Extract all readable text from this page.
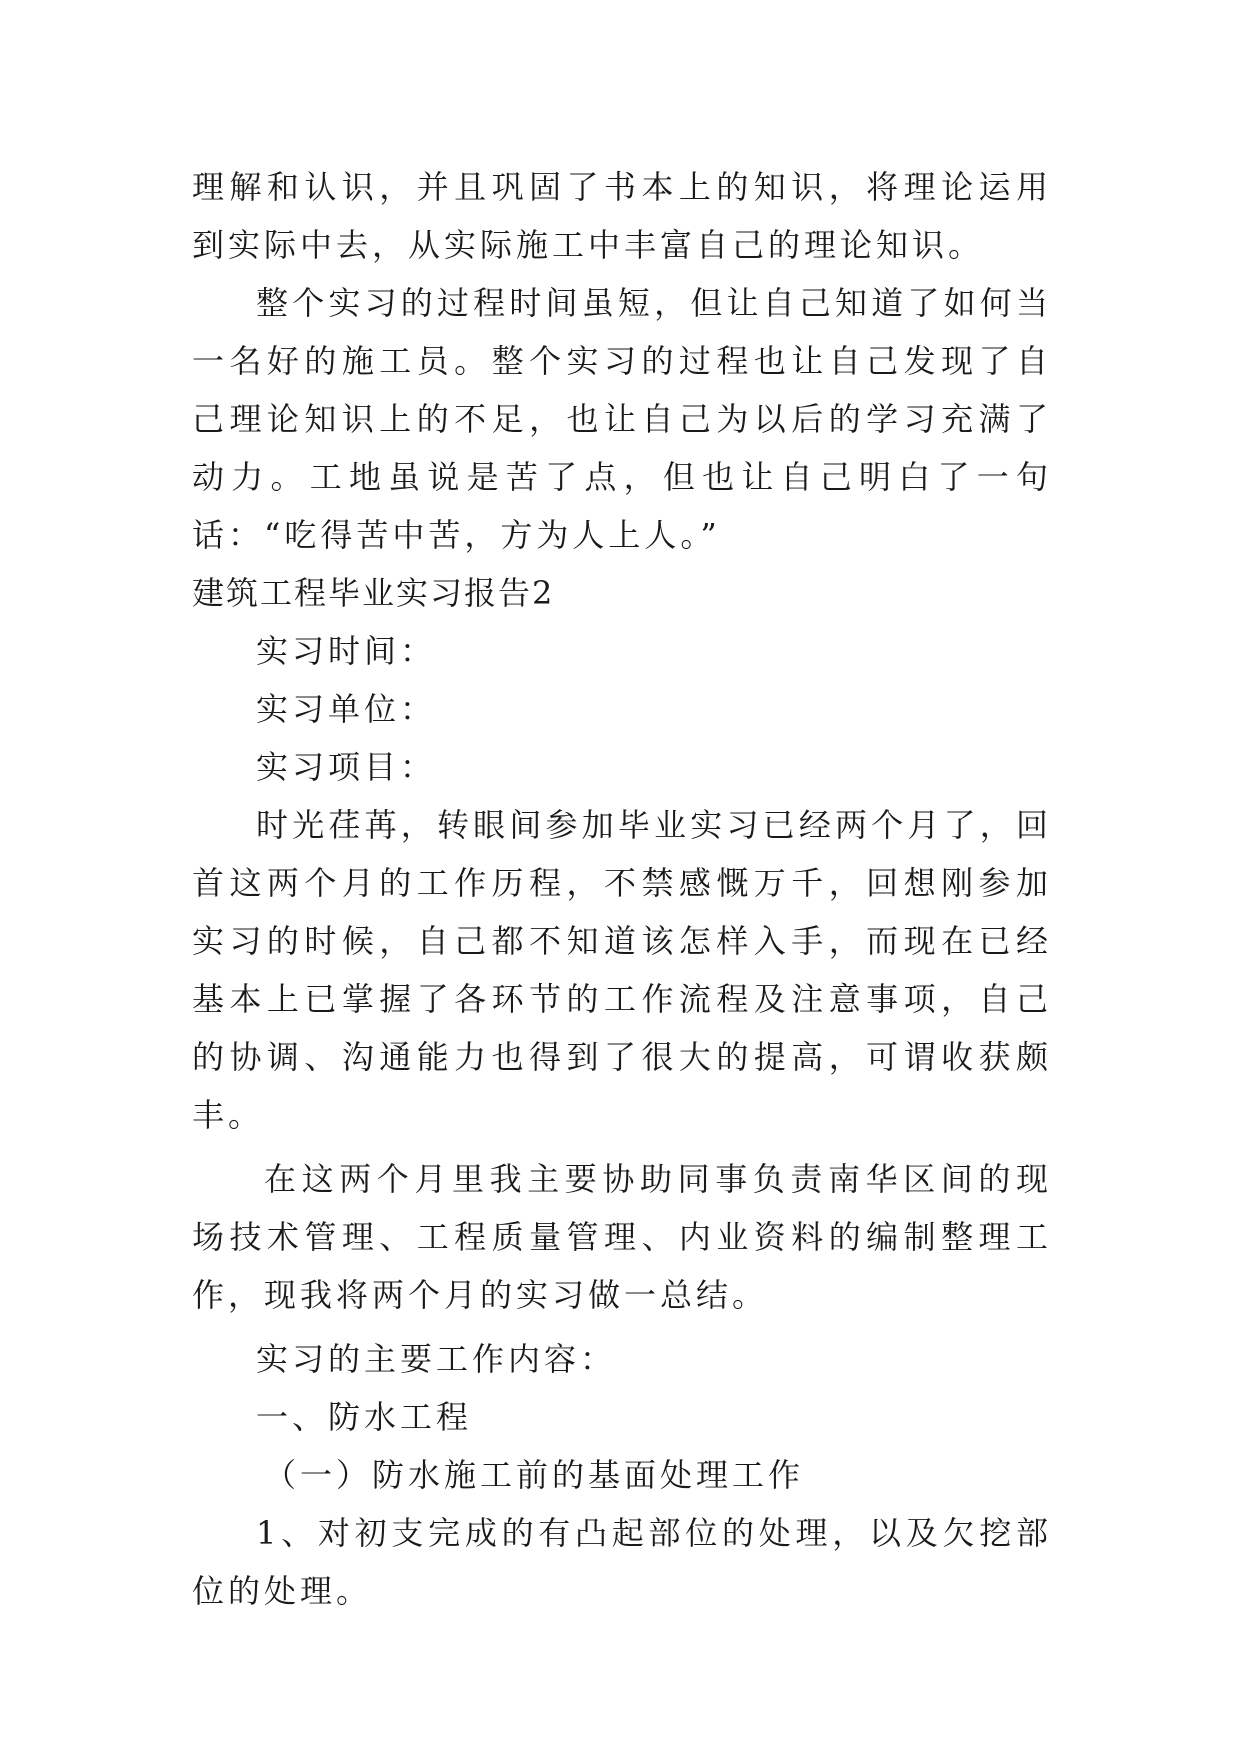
理解和认识，并且巩固了书本上的知识，将理论运用到实际中去，从实际施工中丰富自己的理论知识。

整个实习的过程时间虽短，但让自己知道了如何当一名好的施工员。整个实习的过程也让自己发现了自己理论知识上的不足，也让自己为以后的学习充满了动力。工地虽说是苦了点，但也让自己明白了一句话：“吃得苦中苦，方为人上人。”

建筑工程毕业实习报告2

实习时间：

实习单位：

实习项目：

时光荏苒，转眼间参加毕业实习已经两个月了，回首这两个月的工作历程，不禁感慨万千，回想刚参加实习的时候，自己都不知道该怎样入手，而现在已经基本上已掌握了各环节的工作流程及注意事项，自己的协调、沟通能力也得到了很大的提高，可谓收获颇丰。

在这两个月里我主要协助同事负责南华区间的现场技术管理、工程质量管理、内业资料的编制整理工作，现我将两个月的实习做一总结。

实习的主要工作内容：

一、防水工程

（一）防水施工前的基面处理工作

1、对初支完成的有凸起部位的处理，以及欠挖部位的处理。
